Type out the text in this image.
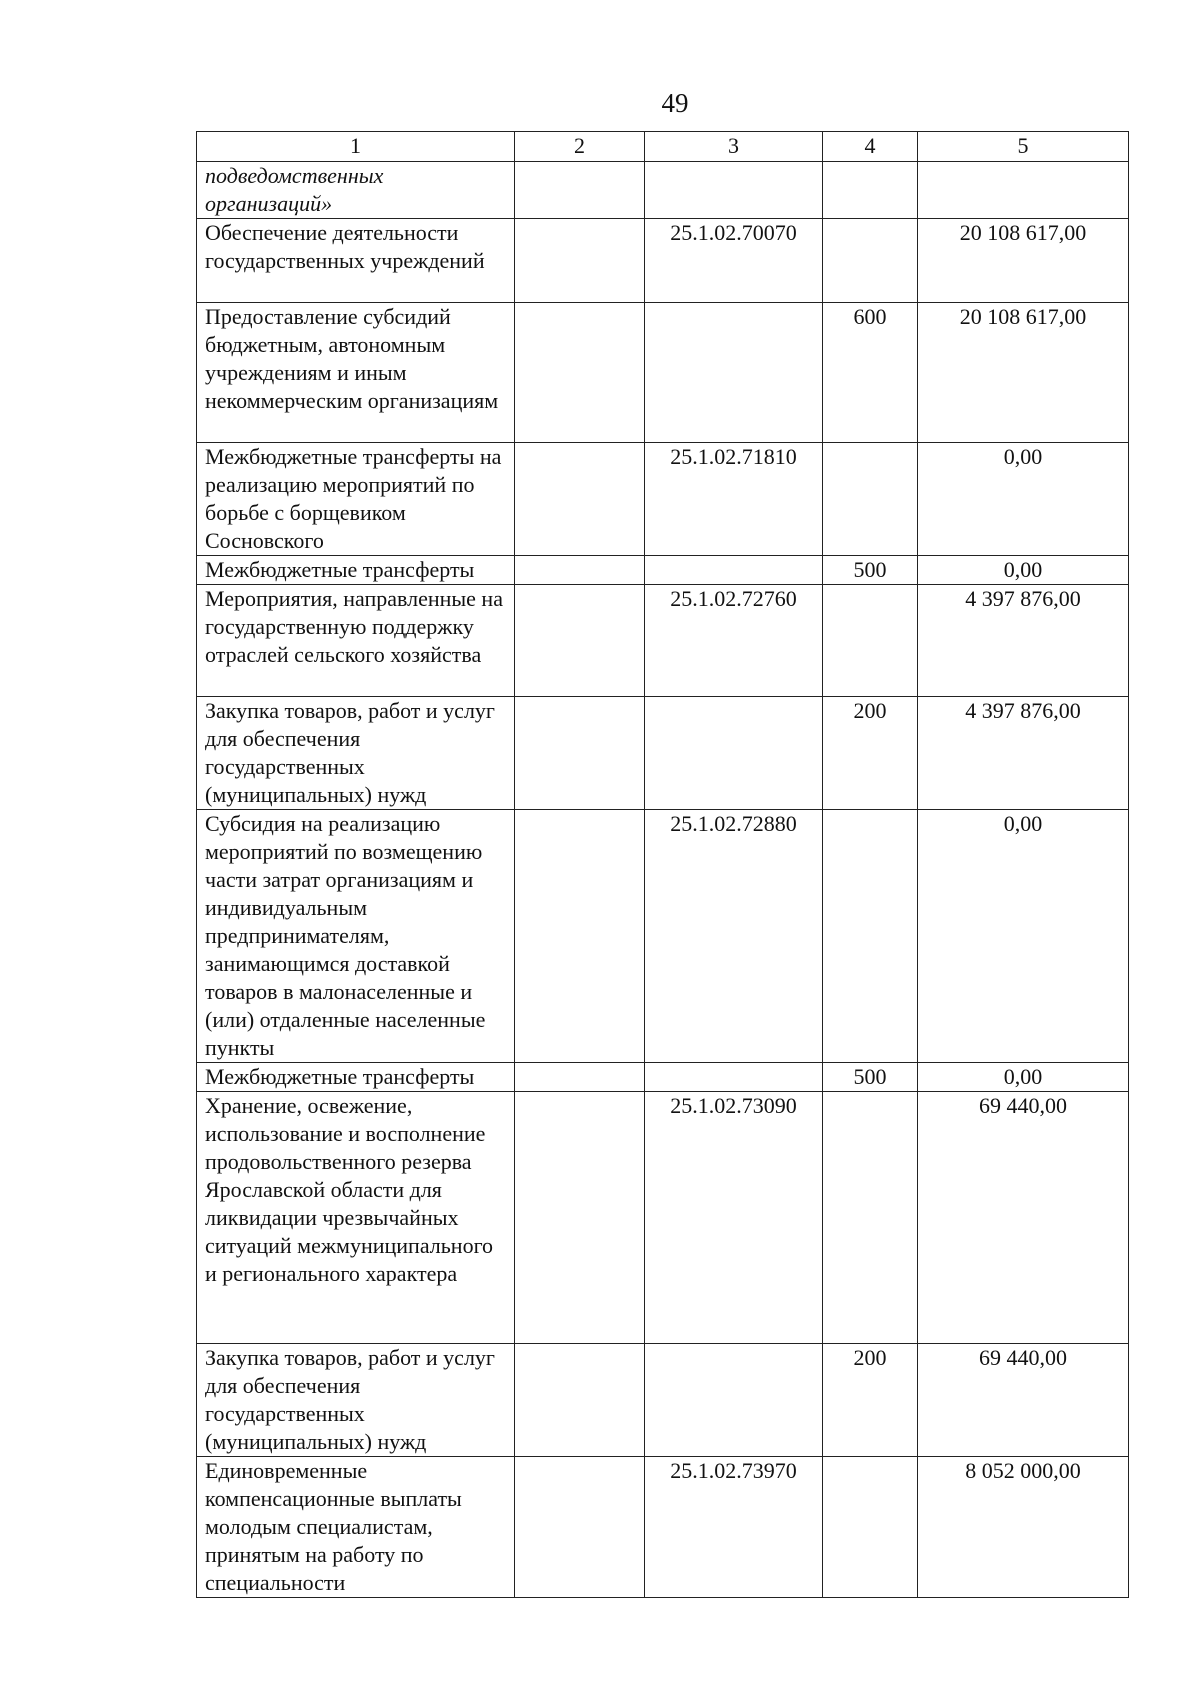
49
1	2	3	4	5
подведомственных организаций»				
Обеспечение деятельности государственных учреждений		25.1.02.70070		20 108 617,00
Предоставление субсидий бюджетным, автономным учреждениям и иным некоммерческим организациям			600	20 108 617,00
Межбюджетные трансферты на реализацию мероприятий по борьбе с борщевиком Сосновского		25.1.02.71810		0,00
Межбюджетные трансферты			500	0,00
Мероприятия, направленные на государственную поддержку отраслей сельского хозяйства		25.1.02.72760		4 397 876,00
Закупка товаров, работ и услуг для обеспечения государственных (муниципальных) нужд			200	4 397 876,00
Субсидия на реализацию мероприятий по возмещению части затрат организациям и индивидуальным предпринимателям, занимающимся доставкой товаров в малонаселенные и (или) отдаленные населенные пункты		25.1.02.72880		0,00
Межбюджетные трансферты			500	0,00
Хранение, освежение, использование и восполнение продовольственного резерва Ярославской области для ликвидации чрезвычайных ситуаций межмуниципального и регионального характера		25.1.02.73090		69 440,00
Закупка товаров, работ и услуг для обеспечения государственных (муниципальных) нужд			200	69 440,00
Единовременные компенсационные выплаты молодым специалистам, принятым на работу по специальности		25.1.02.73970		8 052 000,00
